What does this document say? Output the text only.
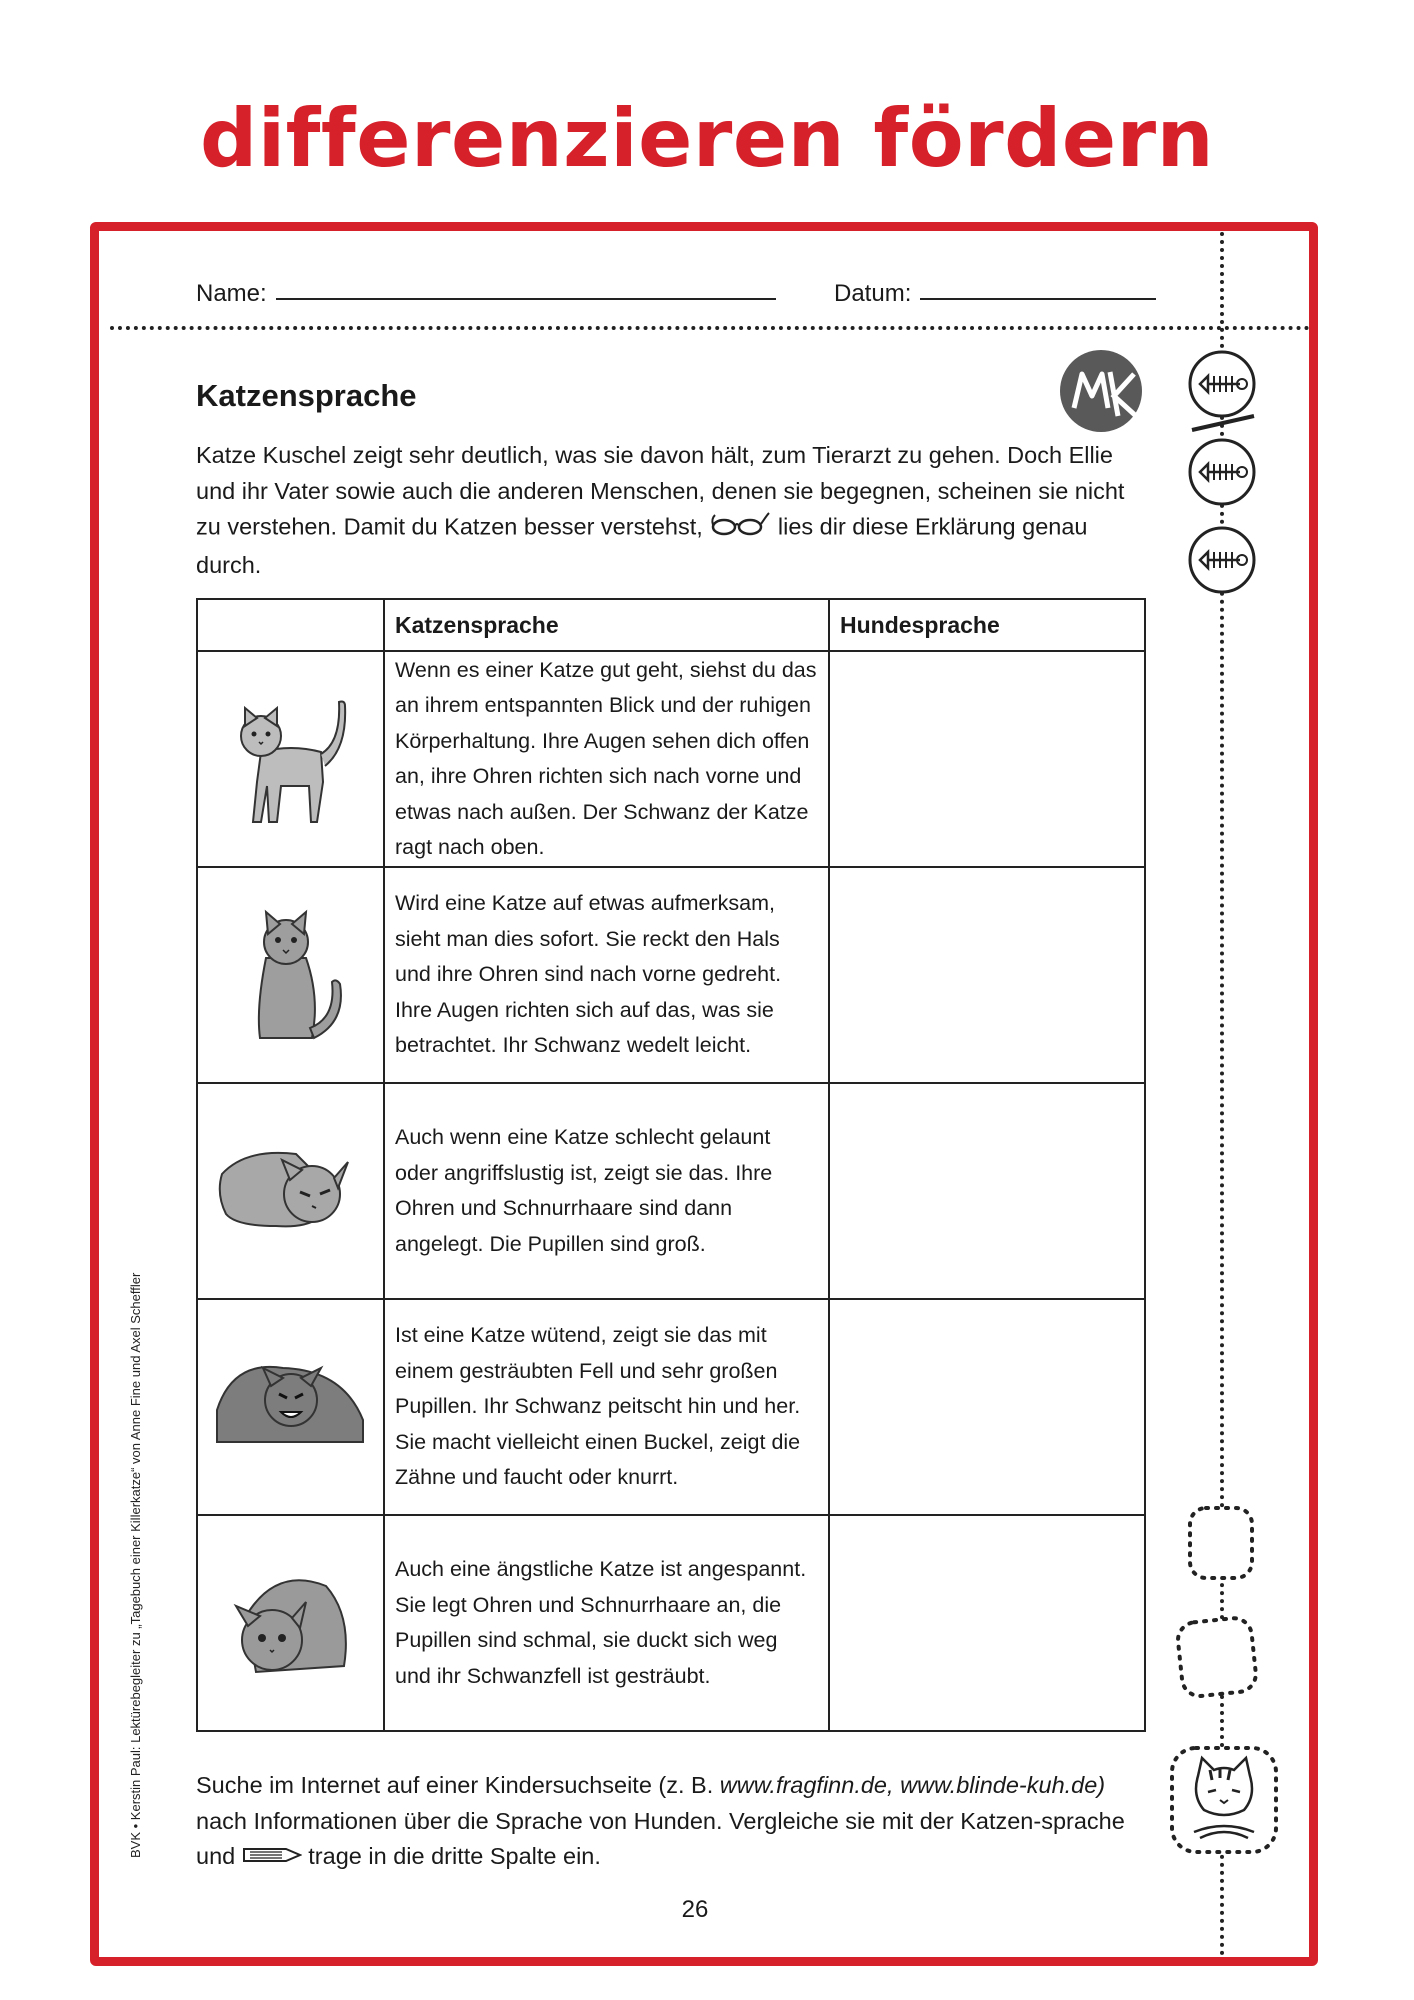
differenzieren fördern
Name:	Datum:
Katzensprache
Katze Kuschel zeigt sehr deutlich, was sie davon hält, zum Tierarzt zu gehen. Doch Ellie und ihr Vater sowie auch die anderen Menschen, denen sie begegnen, scheinen sie nicht zu verstehen. Damit du Katzen besser verstehst,	lies dir diese Erklärung genau durch.
	Katzensprache	Hundesprache
	Wenn es einer Katze gut geht, siehst du das an ihrem entspannten Blick und der ruhigen Körperhaltung. Ihre Augen sehen dich offen an, ihre Ohren richten sich nach vorne und etwas nach außen. Der Schwanz der Katze ragt nach oben.	
	Wird eine Katze auf etwas aufmerksam, sieht man dies sofort. Sie reckt den Hals und ihre Ohren sind nach vorne gedreht. Ihre Augen richten sich auf das, was sie betrachtet. Ihr Schwanz wedelt leicht.	
	Auch wenn eine Katze schlecht gelaunt oder angriffslustig ist, zeigt sie das. Ihre Ohren und Schnurrhaare sind dann angelegt. Die Pupillen sind groß.	
	Ist eine Katze wütend, zeigt sie das mit einem gesträubten Fell und sehr großen Pupillen. Ihr Schwanz peitscht hin und her. Sie macht vielleicht einen Buckel, zeigt die Zähne und faucht oder knurrt.	
	Auch eine ängstliche Katze ist angespannt. Sie legt Ohren und Schnurrhaare an, die Pupillen sind schmal, sie duckt sich weg und ihr Schwanzfell ist gesträubt.	
Suche im Internet auf einer Kindersuchseite (z. B. www.fragfinn.de, www.blinde-kuh.de) nach Informationen über die Sprache von Hunden. Vergleiche sie mit der Katzen-sprache und	trage in die dritte Spalte ein.
26
BVK • Kerstin Paul: Lektürebegleiter zu „Tagebuch einer Killerkatze“ von Anne Fine und Axel Scheffler
